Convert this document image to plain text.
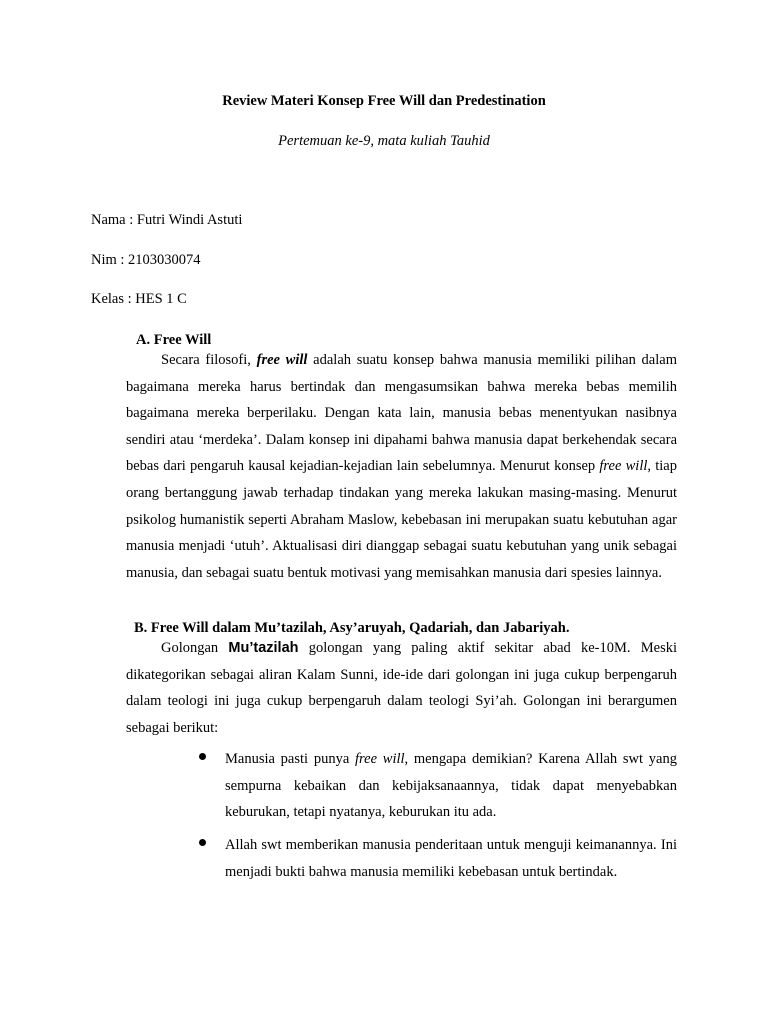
Review Materi Konsep Free Will dan Predestination
Pertemuan ke-9, mata kuliah Tauhid
Nama : Futri Windi Astuti
Nim : 2103030074
Kelas : HES 1 C
A. Free Will
Secara filosofi, free will adalah suatu konsep bahwa manusia memiliki pilihan dalam bagaimana mereka harus bertindak dan mengasumsikan bahwa mereka bebas memilih bagaimana mereka berperilaku. Dengan kata lain, manusia bebas menentyukan nasibnya sendiri atau ‘merdeka’. Dalam konsep ini dipahami bahwa manusia dapat berkehendak secara bebas dari pengaruh kausal kejadian-kejadian lain sebelumnya. Menurut konsep free will, tiap orang bertanggung jawab terhadap tindakan yang mereka lakukan masing-masing. Menurut psikolog humanistik seperti Abraham Maslow, kebebasan ini merupakan suatu kebutuhan agar manusia menjadi ‘utuh’. Aktualisasi diri dianggap sebagai suatu kebutuhan yang unik sebagai manusia, dan sebagai suatu bentuk motivasi yang memisahkan manusia dari spesies lainnya.
B. Free Will dalam Mu’tazilah, Asy’aruyah, Qadariah, dan Jabariyah.
Golongan Mu’tazilah golongan yang paling aktif sekitar abad ke-10M. Meski dikategorikan sebagai aliran Kalam Sunni, ide-ide dari golongan ini juga cukup berpengaruh dalam teologi ini juga cukup berpengaruh dalam teologi Syi’ah. Golongan ini berargumen sebagai berikut:
Manusia pasti punya free will, mengapa demikian? Karena Allah swt yang sempurna kebaikan dan kebijaksanaannya, tidak dapat menyebabkan keburukan, tetapi nyatanya, keburukan itu ada.
Allah swt memberikan manusia penderitaan untuk menguji keimanannya. Ini menjadi bukti bahwa manusia memiliki kebebasan untuk bertindak.
